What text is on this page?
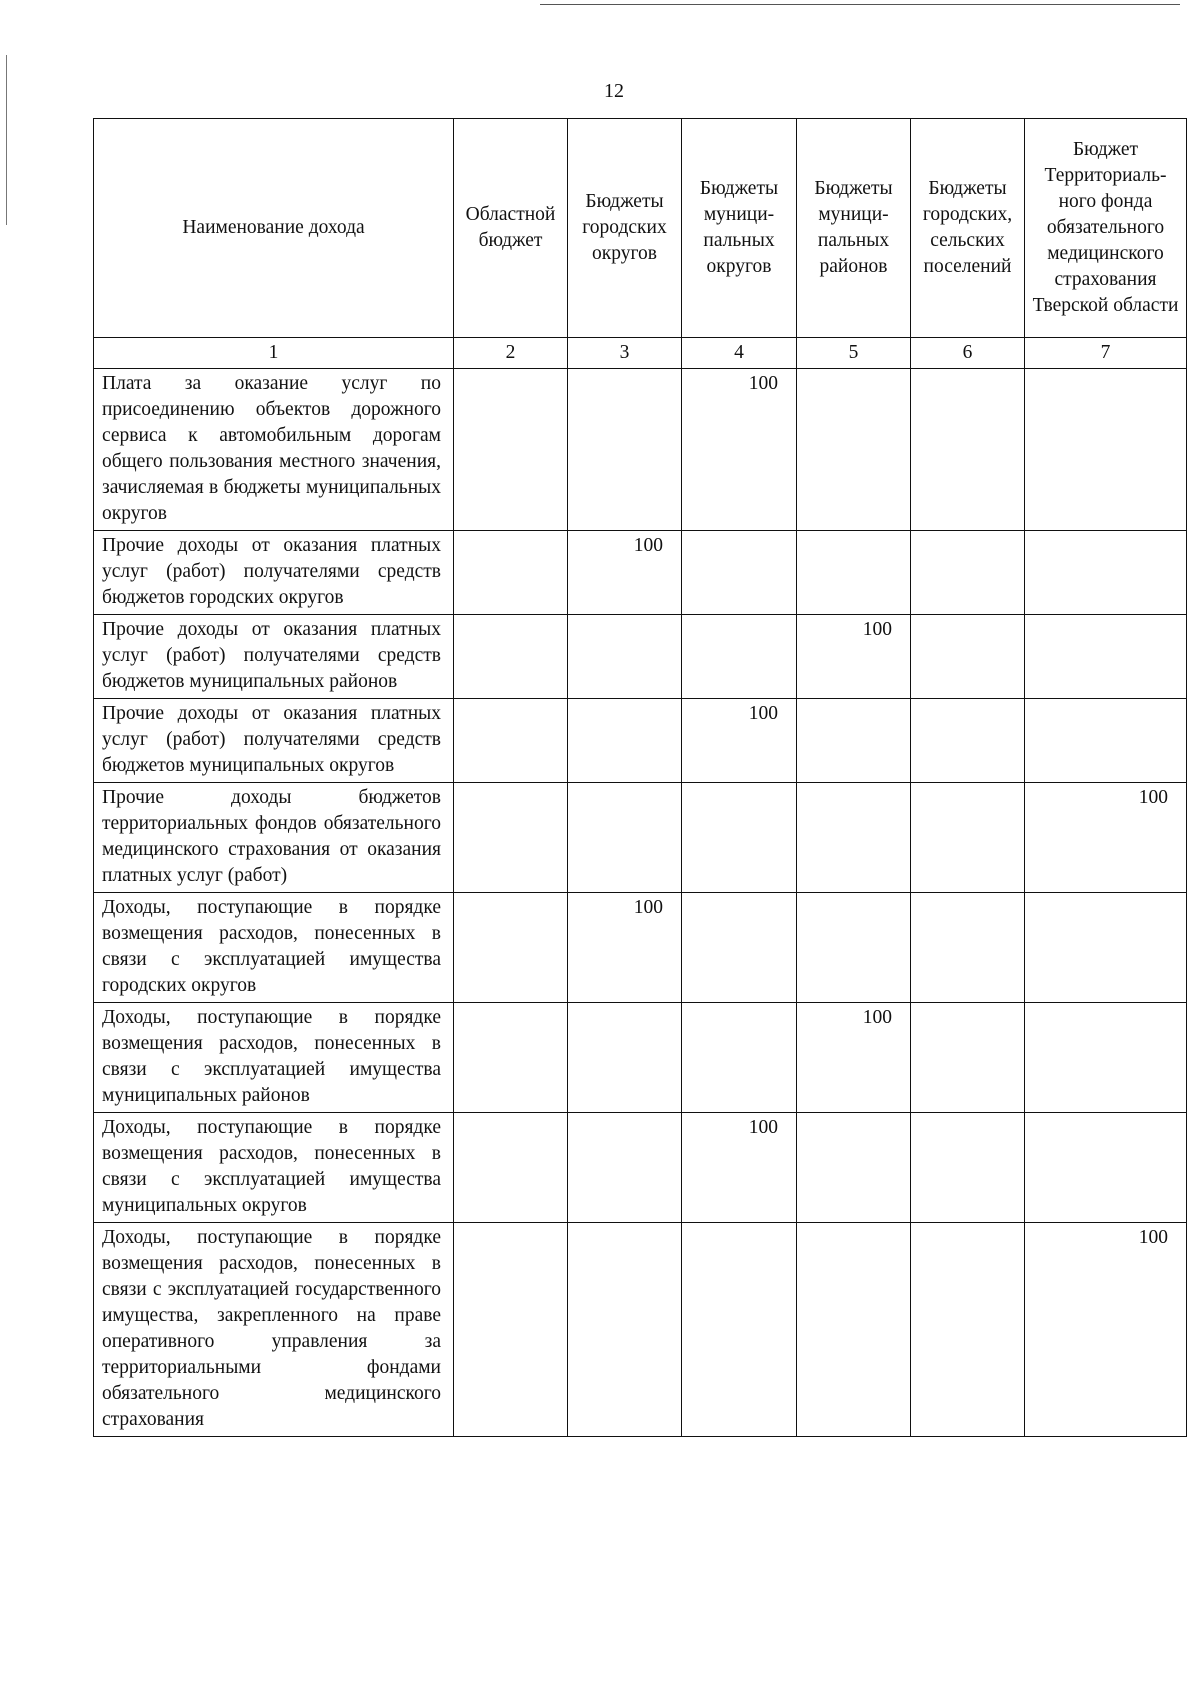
12
Наименование дохода	Областной бюджет	Бюджеты городских округов	Бюджеты муници-пальных округов	Бюджеты муници-пальных районов	Бюджеты городских, сельских поселений	Бюджет Территориаль-ного фонда обязательного медицинского страхования Тверской области
1	2	3	4	5	6	7
Плата за оказание услуг по присоединению объектов дорожного сервиса к автомобильным дорогам общего пользования местного значения, зачисляемая в бюджеты муниципальных округов			100			
Прочие доходы от оказания платных услуг (работ) получателями средств бюджетов городских округов		100				
Прочие доходы от оказания платных услуг (работ) получателями средств бюджетов муниципальных районов				100		
Прочие доходы от оказания платных услуг (работ) получателями средств бюджетов муниципальных округов			100			
Прочие доходы бюджетов территориальных фондов обязательного медицинского страхования от оказания платных услуг (работ)						100
Доходы, поступающие в порядке возмещения расходов, понесенных в связи с эксплуатацией имущества городских округов		100				
Доходы, поступающие в порядке возмещения расходов, понесенных в связи с эксплуатацией имущества муниципальных районов				100		
Доходы, поступающие в порядке возмещения расходов, понесенных в связи с эксплуатацией имущества муниципальных округов			100			
Доходы, поступающие в порядке возмещения расходов, понесенных в связи с эксплуатацией государственного имущества, закрепленного на праве оперативного управления за территориальными фондами обязательного медицинского страхования						100
